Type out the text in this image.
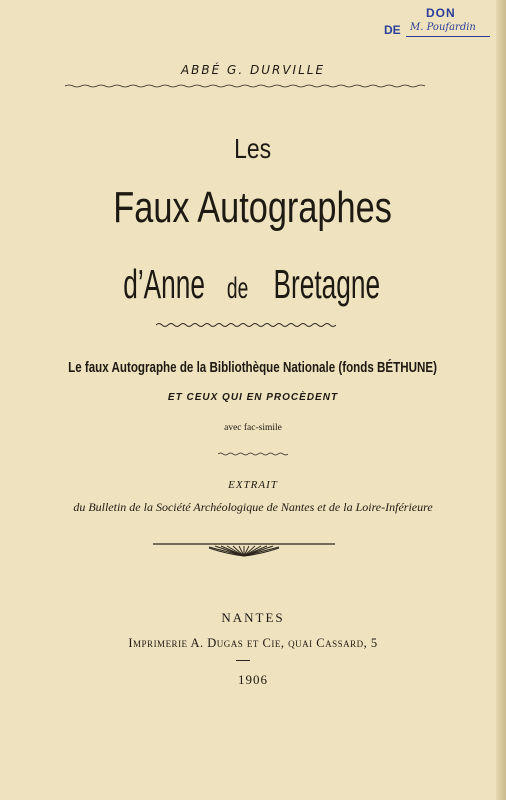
DON
DE M. Poufardin
ABBÉ G. DURVILLE
Les
Faux Autographes
d’Anne de Bretagne
Le faux Autographe de la Bibliothèque Nationale (fonds BÉTHUNE)
ET CEUX QUI EN PROCÈDENT
avec fac-simile
EXTRAIT
du Bulletin de la Société Archéologique de Nantes et de la Loire-Inférieure
NANTES
Imprimerie A. Dugas et Cie, quai Cassard, 5
1906
